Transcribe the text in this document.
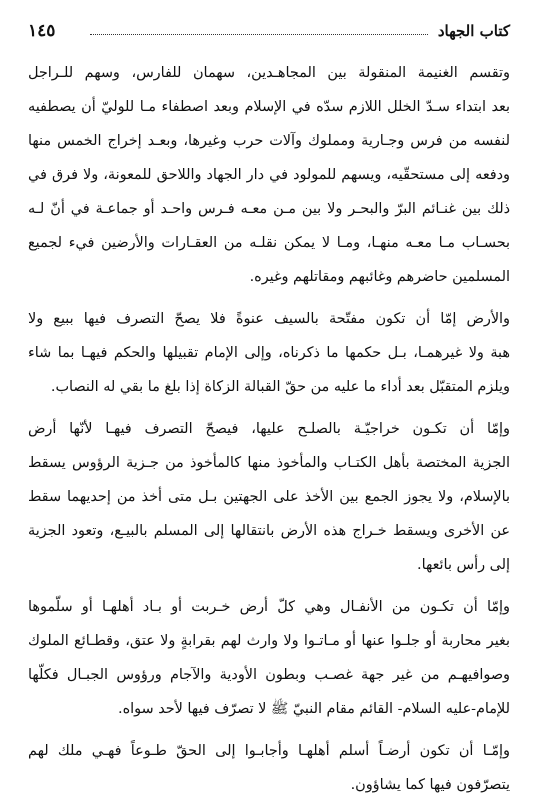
كتاب الجهاد
١٤٥
وتقسم الغنيمة المنقولة بين المجاهـدين، سهمان للفارس، وسهم للـراجل
بعد ابتداء سـدّ الخلل اللازم سدّه في الإسلام وبعد اصطفاء مـا للوليّ أن يصطفيه
لنفسه من فرس وجـارية ومملوك وآلات حرب وغيرها، وبعـد إخراج الخمس منها
ودفعه إلى مستحقّيه، ويسهم للمولود في دار الجهاد واللاحق للمعونة، ولا فرق في
ذلك بين غنـائم البرّ والبحـر ولا بين مـن معـه فـرس واحـد أو جماعـة في أنّ لـه
بحسـاب مـا معـه منهـا، ومـا لا يمكن نقلـه من العقـارات والأرضين فيء لجميع
المسلمين حاضرهم وغائبهم ومقاتلهم وغيره.
والأرض إمّا أن تكون مفتّحة بالسيف عنوةً فلا يصحّ التصرف فيها ببيع ولا
هبة ولا غيرهمـا، بـل حكمها ما ذكرناه، وإلى الإمام تقبيلها والحكم فيهـا بما شاء
ويلزم المتقبّل بعد أداء ما عليه من حقّ القبالة الزكاة إذا بلغ ما بقي له النصاب.
وإمّا أن تكـون خراجيّـة بالصلـح عليها، فيصحّ التصرف فيهـا لأنّها أرض
الجزية المختصة بأهل الكتـاب والمأخوذ منها كالمأخوذ من جـزية الرؤوس يسقط
بالإسلام، ولا يجوز الجمع بين الأخذ على الجهتين بـل متى أخذ من إحديهما سقط
عن الأخرى ويسقط خـراج هذه الأرض بانتقالها إلى المسلم بالبيـع، وتعود الجزية
إلى رأس بائعها.
وإمّا أن تكـون من الأنفـال وهي كلّ أرض خـربت أو بـاد أهلهـا أو سلّموها
بغير محاربة أو جلـوا عنها أو مـاتـوا ولا وارث لهم بقرابةٍ ولا عتق، وقطـائع الملوك
وصوافيهـم من غير جهة غصـب وبطون الأودية والآجام ورؤوس الجبـال فكلّها
للإمام-عليه السلام- القائم مقام النبيّ ﷺ لا تصرّف فيها لأحد سواه.
وإمّـا أن تكون أرضـاً أسلم أهلهـا وأجابـوا إلى الحقّ طـوعاً فهـي ملك لهم
يتصرّفون فيها كما يشاؤون.
